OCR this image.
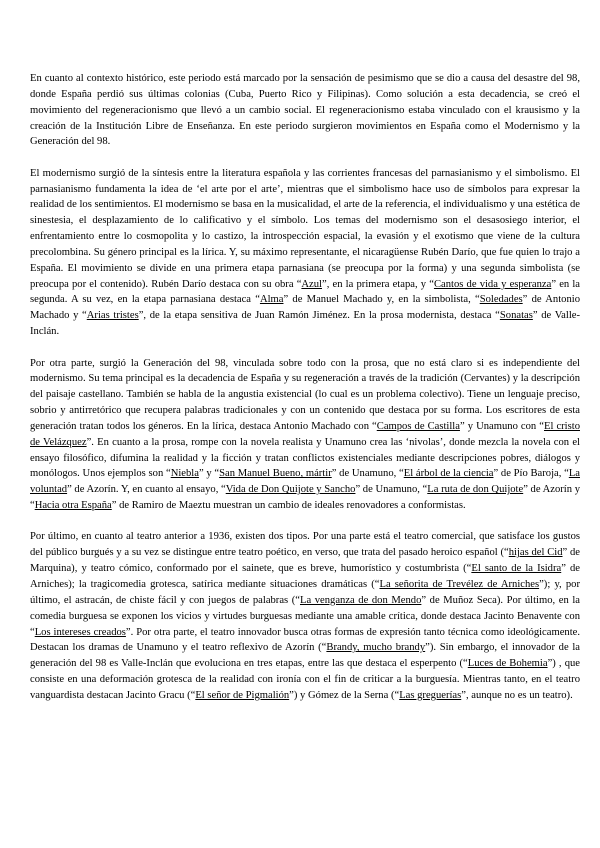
En cuanto al contexto histórico, este periodo está marcado por la sensación de pesimismo que se dio a causa del desastre del 98, donde España perdió sus últimas colonias (Cuba, Puerto Rico y Filipinas). Como solución a esta decadencia, se creó el movimiento del regeneracionismo que llevó a un cambio social. El regeneracionismo estaba vinculado con el krausismo y la creación de la Institución Libre de Enseñanza. En este periodo surgieron movimientos en España como el Modernismo y la Generación del 98.

El modernismo surgió de la síntesis entre la literatura española y las corrientes francesas del parnasianismo y el simbolismo. El parnasianismo fundamenta la idea de ‘el arte por el arte’, mientras que el simbolismo hace uso de símbolos para expresar la realidad de los sentimientos. El modernismo se basa en la musicalidad, el arte de la referencia, el individualismo y una estética de sinestesia, el desplazamiento de lo calificativo y el símbolo. Los temas del modernismo son el desasosiego interior, el enfrentamiento entre lo cosmopolita y lo castizo, la introspección espacial, la evasión y el exotismo que viene de la cultura precolombina. Su género principal es la lírica. Y, su máximo representante, el nicaragüense Rubén Darío, que fue quien lo trajo a España. El movimiento se divide en una primera etapa parnasiana (se preocupa por la forma) y una segunda simbolista (se preocupa por el contenido). Rubén Darío destaca con su obra “Azul”, en la primera etapa, y “Cantos de vida y esperanza” en la segunda. A su vez, en la etapa parnasiana destaca “Alma” de Manuel Machado y, en la simbolista, “Soledades” de Antonio Machado y “Arias tristes”, de la etapa sensitiva de Juan Ramón Jiménez. En la prosa modernista, destaca “Sonatas” de Valle-Inclán.

Por otra parte, surgió la Generación del 98, vinculada sobre todo con la prosa, que no está claro si es independiente del modernismo. Su tema principal es la decadencia de España y su regeneración a través de la tradición (Cervantes) y la descripción del paisaje castellano. También se habla de la angustia existencial (lo cual es un problema colectivo). Tiene un lenguaje preciso, sobrio y antirretórico que recupera palabras tradicionales y con un contenido que destaca por su forma. Los escritores de esta generación tratan todos los géneros. En la lírica, destaca Antonio Machado con “Campos de Castilla” y Unamuno con “El cristo de Velázquez”. En cuanto a la prosa, rompe con la novela realista y Unamuno crea las ‘nivolas’, donde mezcla la novela con el ensayo filosófico, difumina la realidad y la ficción y tratan conflictos existenciales mediante descripciones pobres, diálogos y monólogos. Unos ejemplos son “Niebla” y “San Manuel Bueno, mártir” de Unamuno, “El árbol de la ciencia” de Pío Baroja, “La voluntad” de Azorín. Y, en cuanto al ensayo, “Vida de Don Quijote y Sancho” de Unamuno, “La ruta de don Quijote” de Azorín y “Hacia otra España” de Ramiro de Maeztu muestran un cambio de ideales renovadores a conformistas.

Por último, en cuanto al teatro anterior a 1936, existen dos tipos. Por una parte está el teatro comercial, que satisface los gustos del público burgués y a su vez se distingue entre teatro poético, en verso, que trata del pasado heroico español (“hijas del Cid” de Marquina), y teatro cómico, conformado por el sainete, que es breve, humorístico y costumbrista (“El santo de la Isidra” de Arniches); la tragicomedia grotesca, satírica mediante situaciones dramáticas (“La señorita de Trevélez de Arniches”); y, por último, el astracán, de chiste fácil y con juegos de palabras (“La venganza de don Mendo” de Muñoz Seca). Por último, en la comedia burguesa se exponen los vicios y virtudes burguesas mediante una amable crítica, donde destaca Jacinto Benavente con “Los intereses creados”. Por otra parte, el teatro innovador busca otras formas de expresión tanto técnica como ideológicamente. Destacan los dramas de Unamuno y el teatro reflexivo de Azorín (“Brandy, mucho brandy”). Sin embargo, el innovador de la generación del 98 es Valle-Inclán que evoluciona en tres etapas, entre las que destaca el esperpento (“Luces de Bohemia”) , que consiste en una deformación grotesca de la realidad con ironía con el fin de criticar a la burguesía. Mientras tanto, en el teatro vanguardista destacan Jacinto Gracu (“El señor de Pigmalión”) y Gómez de la Serna (“Las greguerías”, aunque no es un teatro).
